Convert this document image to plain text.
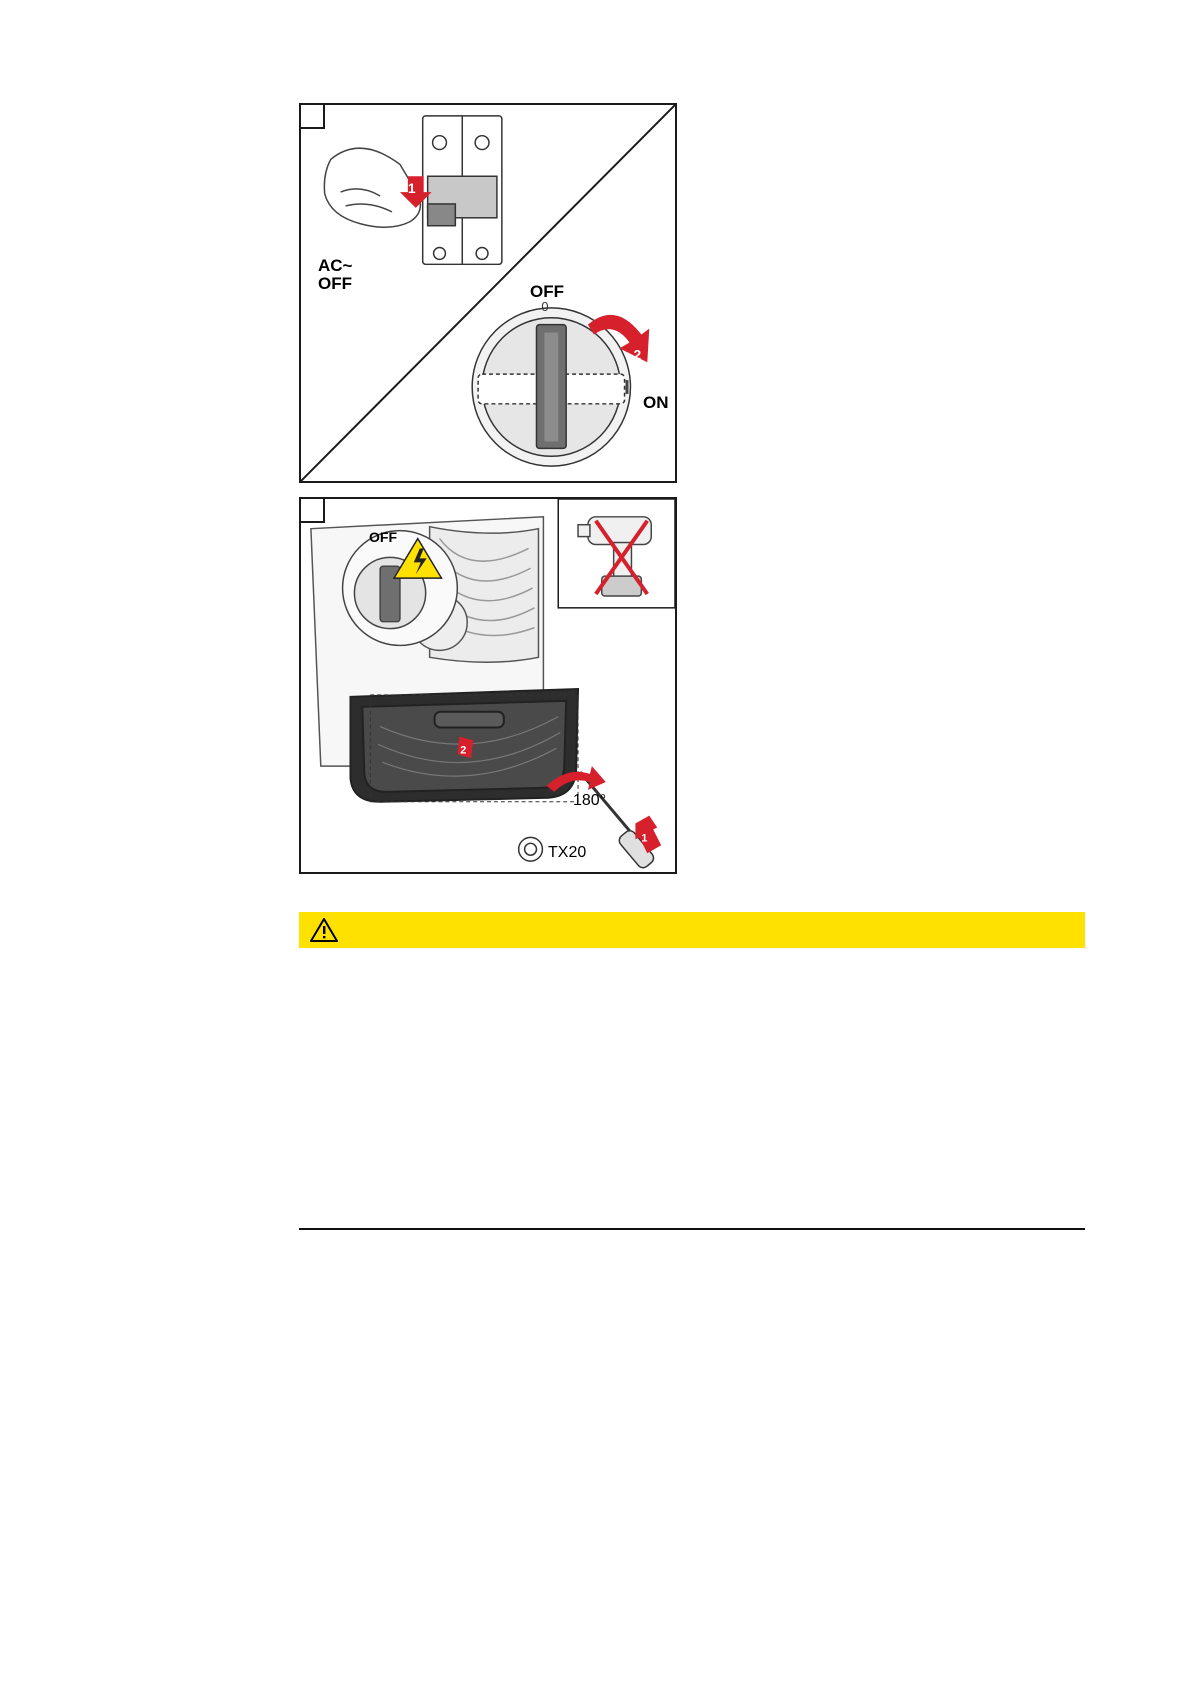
1
0
2
AC~
OFF	OFF
ON
1
2
OFF
180°
TX20
